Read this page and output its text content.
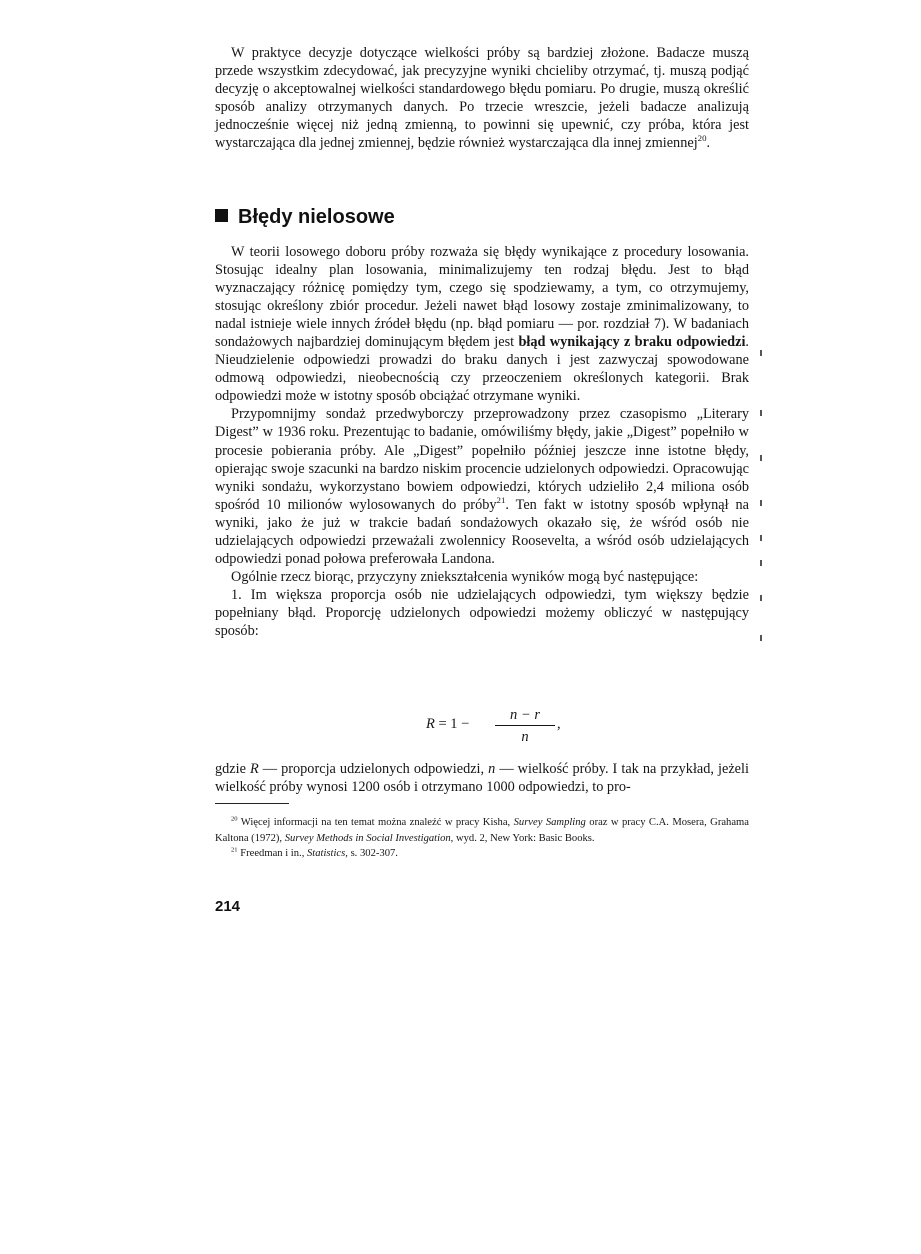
W praktyce decyzje dotyczące wielkości próby są bardziej złożone. Badacze muszą przede wszystkim zdecydować, jak precyzyjne wyniki chcieliby otrzymać, tj. muszą podjąć decyzję o akceptowalnej wielkości standardowego błędu pomiaru. Po drugie, muszą określić sposób analizy otrzymanych danych. Po trzecie wreszcie, jeżeli badacze analizują jednocześnie więcej niż jedną zmienną, to powinni się upewnić, czy próba, która jest wystarczająca dla jednej zmiennej, będzie również wystarczająca dla innej zmiennej$^{20}$.

Błędy nielosowe

W teorii losowego doboru próby rozważa się błędy wynikające z procedury losowania. Stosując idealny plan losowania, minimalizujemy ten rodzaj błędu. Jest to błąd wyznaczający różnicę pomiędzy tym, czego się spodziewamy, a tym, co otrzymujemy, stosując określony zbiór procedur. Jeżeli nawet błąd losowy zostaje zminimalizowany, to nadal istnieje wiele innych źródeł błędu (np. błąd pomiaru — por. rozdział 7). W badaniach sondażowych najbardziej dominującym błędem jest błąd wynikający z braku odpowiedzi. Nieudzielenie odpowiedzi prowadzi do braku danych i jest zazwyczaj spowodowane odmową odpowiedzi, nieobecnością czy przeoczeniem określonych kategorii. Brak odpowiedzi może w istotny sposób obciążać otrzymane wyniki.

Przypomnijmy sondaż przedwyborczy przeprowadzony przez czasopismo „Literary Digest” w 1936 roku. Prezentując to badanie, omówiliśmy błędy, jakie „Digest” popełniło w procesie pobierania próby. Ale „Digest” popełniło później jeszcze inne istotne błędy, opierając swoje szacunki na bardzo niskim procencie udzielonych odpowiedzi. Opracowując wyniki sondażu, wykorzystano bowiem odpowiedzi, których udzieliło 2,4 miliona osób spośród 10 milionów wylosowanych do próby$^{21}$. Ten fakt w istotny sposób wpłynął na wyniki, jako że już w trakcie badań sondażowych okazało się, że wśród osób nie udzielających odpowiedzi przeważali zwolennicy Roosevelta, a wśród osób udzielających odpowiedzi ponad połowa preferowała Landona.

Ogólnie rzecz biorąc, przyczyny zniekształcenia wyników mogą być następujące:

1. Im większa proporcja osób nie udzielających odpowiedzi, tym większy będzie popełniany błąd. Proporcję udzielonych odpowiedzi możemy obliczyć w następujący sposób:

R = 1 −
n − r
n
,

gdzie R — proporcja udzielonych odpowiedzi, n — wielkość próby. I tak na przykład, jeżeli wielkość próby wynosi 1200 osób i otrzymano 1000 odpowiedzi, to pro-

$^{20}$ Więcej informacji na ten temat można znaleźć w pracy Kisha, Survey Sampling oraz w pracy C.A. Mosera, Grahama Kaltona (1972), Survey Methods in Social Investigation, wyd. 2, New York: Basic Books.

$^{21}$ Freedman i in., Statistics, s. 302-307.

214
